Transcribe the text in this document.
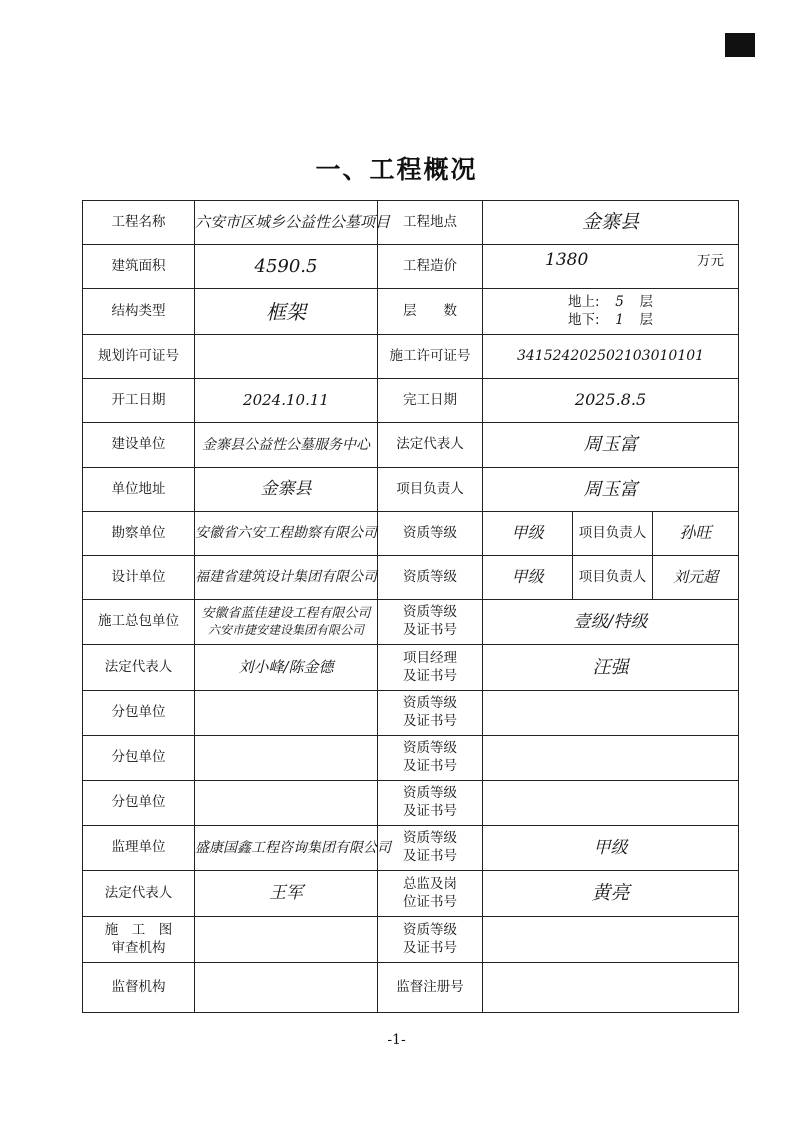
一、工程概况
工程名称	六安市区城乡公益性公墓项目	工程地点	金寨县		
建筑面积	4590.5	工程造价	1380 万元		

结构类型	框架	层　　数	地上: 5 层
地下: 1 层		

规划许可证号		施工许可证号	341524202502103010101		
开工日期	2024.10.11	完工日期	2025.8.5		
建设单位	金寨县公益性公墓服务中心	法定代表人	周玉富		
单位地址	金寨县	项目负责人	周玉富		
勘察单位	安徽省六安工程勘察有限公司	资质等级	甲级	项目负责人	孙旺
设计单位	福建省建筑设计集团有限公司	资质等级	甲级	项目负责人	刘元超
施工总包单位	安徽省蓝佳建设工程有限公司
六安市捷安建设集团有限公司	资质等级
及证书号	壹级/特级		
法定代表人	刘小峰/陈金德	项目经理
及证书号	汪强		
分包单位		资质等级
及证书号			

分包单位		资质等级
及证书号			

分包单位		资质等级
及证书号			

监理单位	盛康国鑫工程咨询集团有限公司	资质等级
及证书号	甲级		
法定代表人	王军	总监及岗
位证书号	黄亮		

施　工　图
审查机构		资质等级
及证书号			

监督机构		监督注册号			
-1-
